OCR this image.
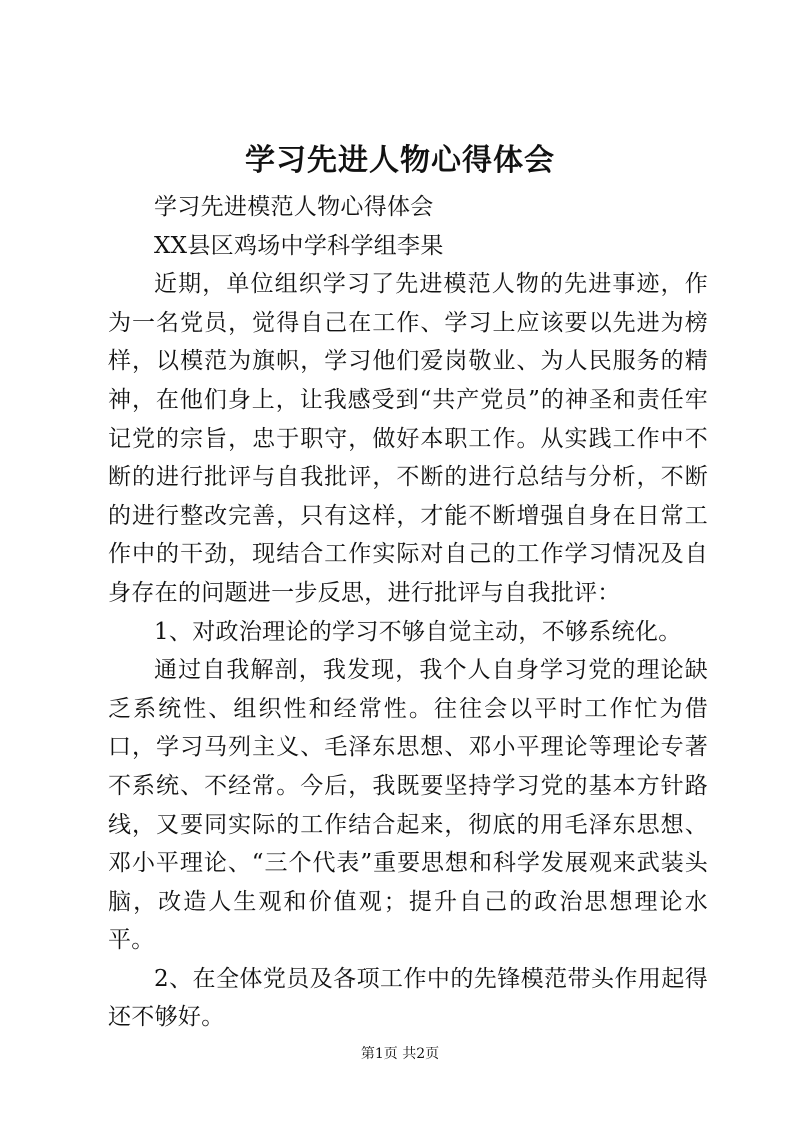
学习先进人物心得体会

学习先进模范人物心得体会

XX县区鸡场中学科学组李果

近期，单位组织学习了先进模范人物的先进事迹，作为一名党员，觉得自己在工作、学习上应该要以先进为榜样，以模范为旗帜，学习他们爱岗敬业、为人民服务的精神，在他们身上，让我感受到“共产党员”的神圣和责任牢记党的宗旨，忠于职守，做好本职工作。从实践工作中不断的进行批评与自我批评，不断的进行总结与分析，不断的进行整改完善，只有这样，才能不断增强自身在日常工作中的干劲，现结合工作实际对自己的工作学习情况及自身存在的问题进一步反思，进行批评与自我批评：

1、对政治理论的学习不够自觉主动，不够系统化。

通过自我解剖，我发现，我个人自身学习党的理论缺乏系统性、组织性和经常性。往往会以平时工作忙为借口，学习马列主义、毛泽东思想、邓小平理论等理论专著不系统、不经常。今后，我既要坚持学习党的基本方针路线，又要同实际的工作结合起来，彻底的用毛泽东思想、邓小平理论、“三个代表”重要思想和科学发展观来武装头脑，改造人生观和价值观；提升自己的政治思想理论水平。

2、在全体党员及各项工作中的先锋模范带头作用起得还不够好。

第1页 共2页
